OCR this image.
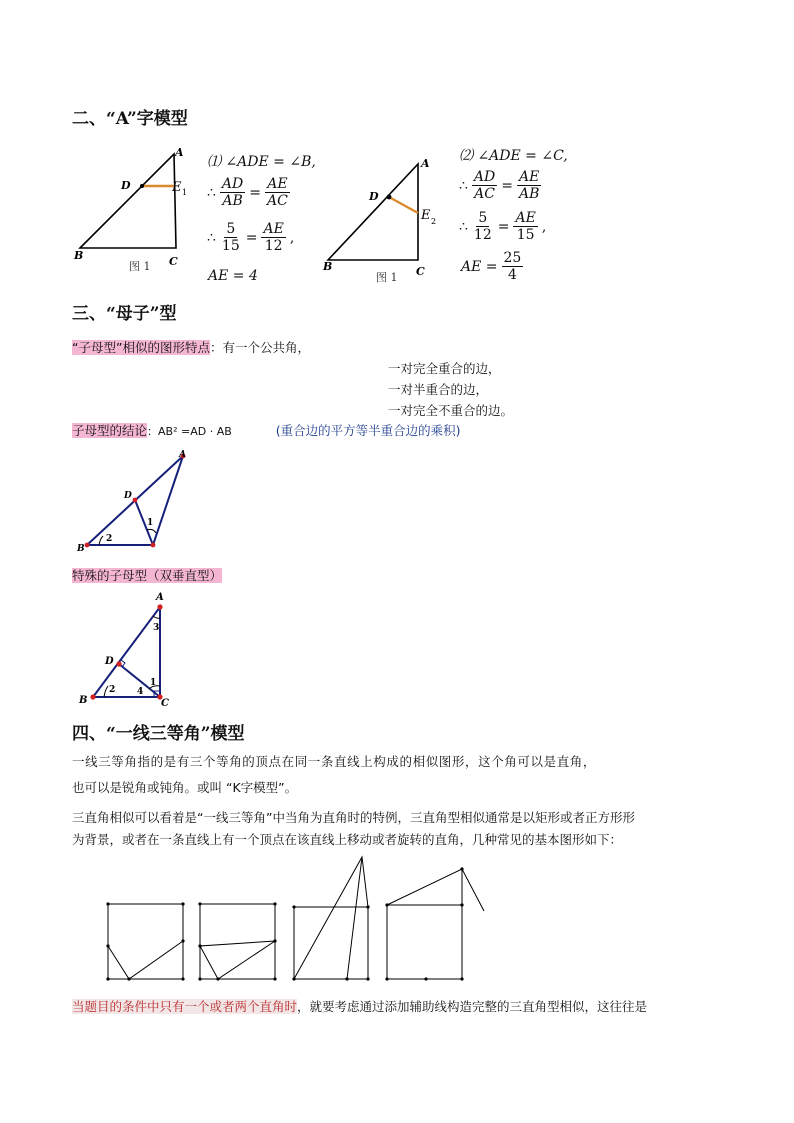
二、“A”字模型
A
D	E 1
B	C
图 1
⑴ ∠ADE = ∠B,
∴ $\frac{AD}{AB} = \frac{AE}{AC}$
∴ $\frac{5}{15} = \frac{AE}{12}$ ,
AE = 4
A
D
E 2
B	C
图 1
⑵ ∠ADE = ∠C,
∴ $\frac{AD}{AC} = \frac{AE}{AB}$
∴ $\frac{5}{12} = \frac{AE}{15}$ ,
AE = $\frac{25}{4}$
三、“母子”型
“子母型”相似的图形特点：有一个公共角，
一对完全重合的边，
一对半重合的边，
一对完全不重合的边。
子母型的结论：AB² =AD · AB	(重合边的平方等半重合边的乘积)
A
D
B
1
2
特殊的子母型（双垂直型）
A
D
B	C
3
1
2 4
四、“一线三等角”模型
一线三等角指的是有三个等角的顶点在同一条直线上构成的相似图形，这个角可以是直角，
也可以是锐角或钝角。或叫 “K字模型”。
三直角相似可以看着是“一线三等角”中当角为直角时的特例，三直角型相似通常是以矩形或者正方形形
为背景，或者在一条直线上有一个顶点在该直线上移动或者旋转的直角，几种常见的基本图形如下：
当题目的条件中只有一个或者两个直角时，就要考虑通过添加辅助线构造完整的三直角型相似，这往往是
